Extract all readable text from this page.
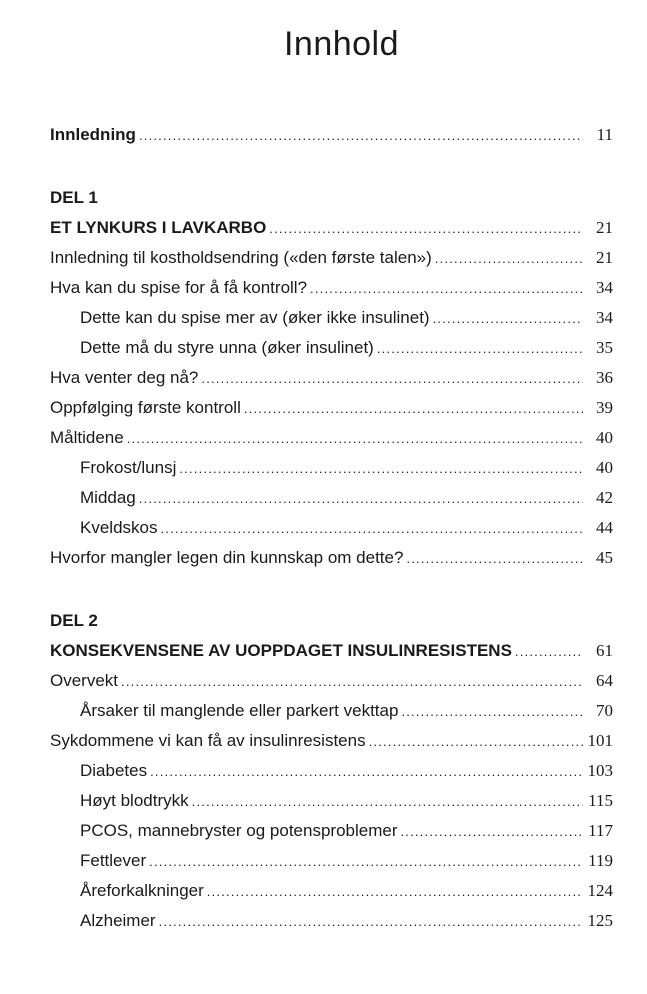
Innhold
Innledning .....	11
DEL 1
ET LYNKURS I LAVKARBO .....	21
Innledning til kostholdsendring («den første talen») .....	21
Hva kan du spise for å få kontroll? .....	34
Dette kan du spise mer av (øker ikke insulinet) .....	34
Dette må du styre unna (øker insulinet) .....	35
Hva venter deg nå? .....	36
Oppfølging første kontroll .....	39
Måltidene .....	40
Frokost/lunsj .....	40
Middag .....	42
Kveldskos .....	44
Hvorfor mangler legen din kunnskap om dette? .....	45
DEL 2
KONSEKVENSENE AV UOPPDAGET INSULINRESISTENS .....	61
Overvekt .....	64
Årsaker til manglende eller parkert vekttap .....	70
Sykdommene vi kan få av insulinresistens .....	101
Diabetes .....	103
Høyt blodtrykk .....	115
PCOS, mannebryster og potensproblemer .....	117
Fettlever .....	119
Åreforkalkninger .....	124
Alzheimer .....	125
